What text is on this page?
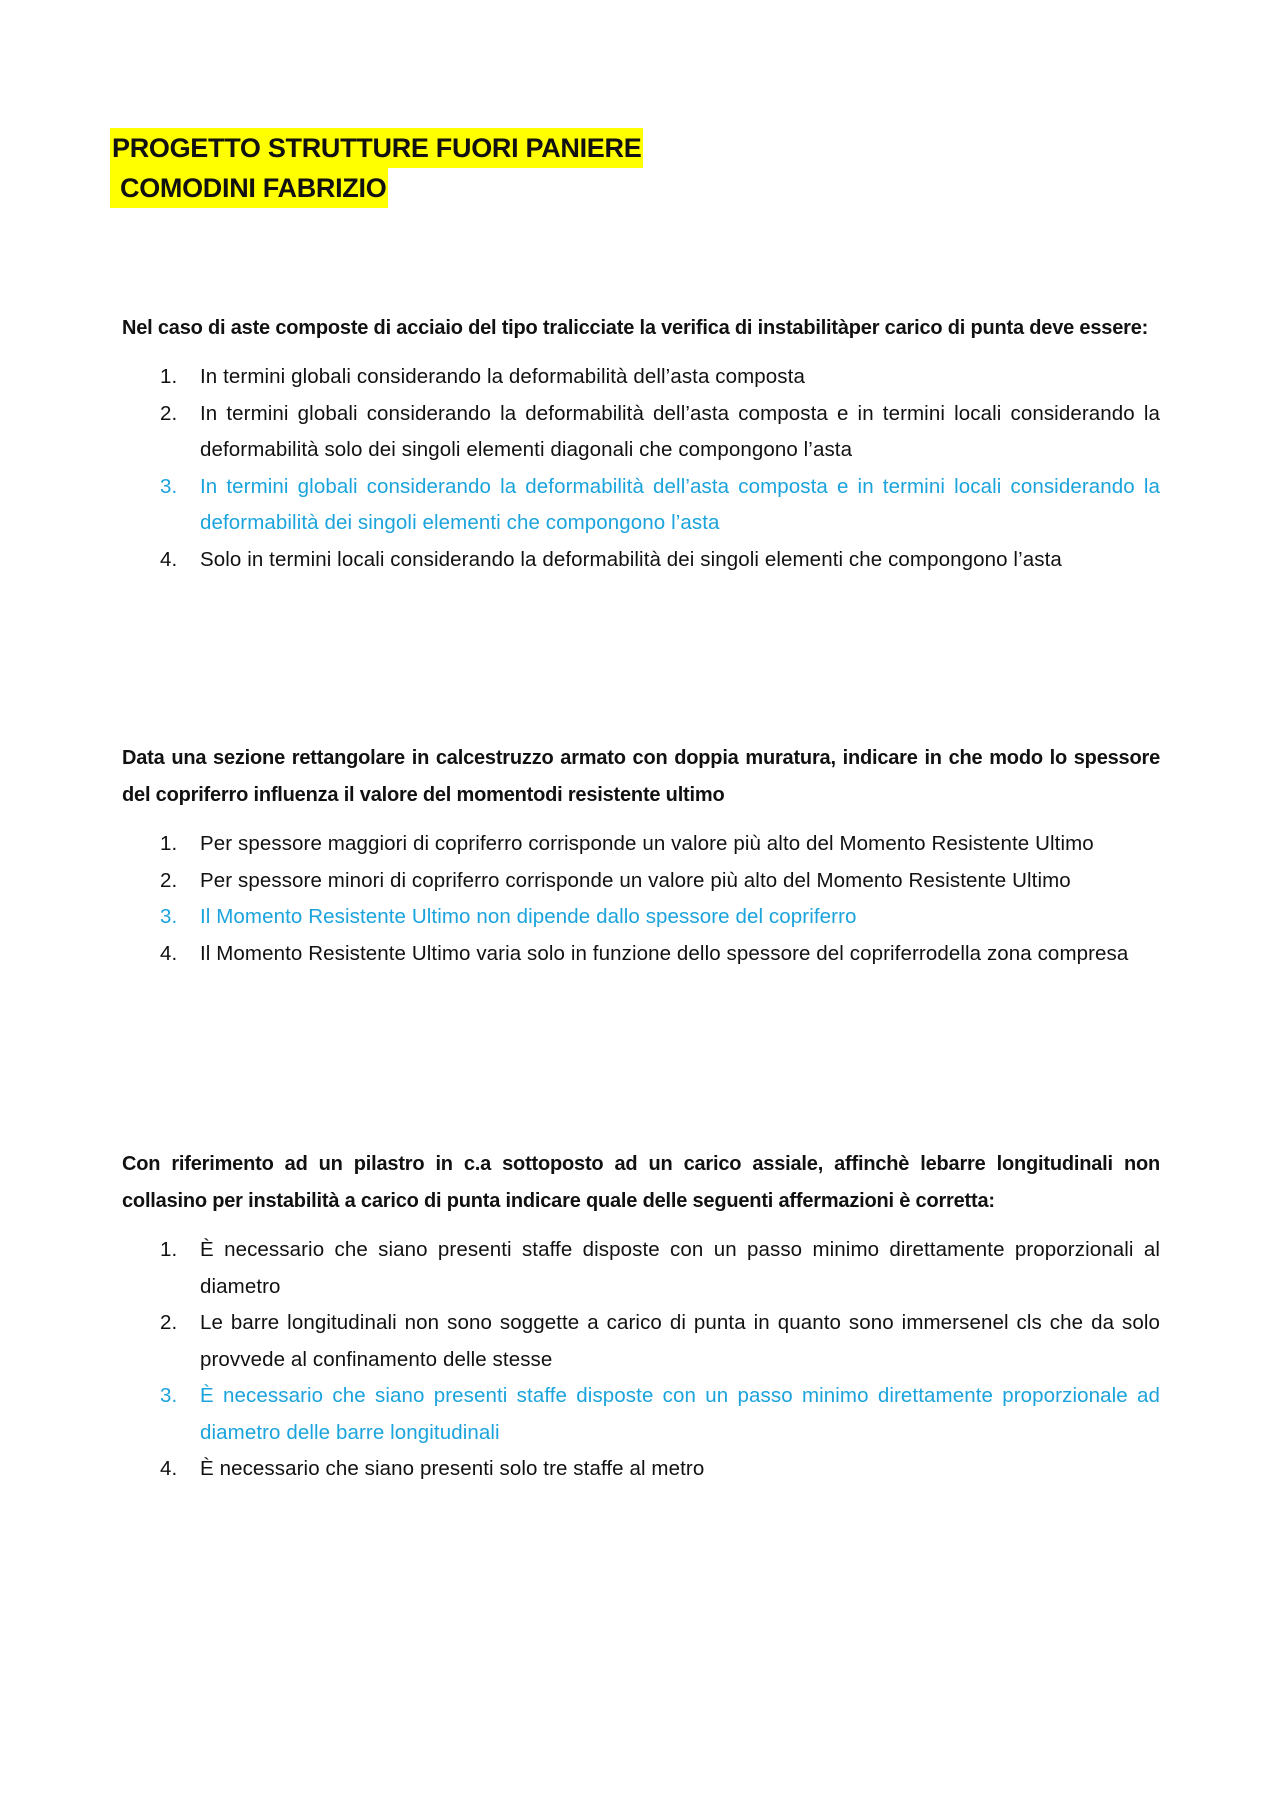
PROGETTO STRUTTURE FUORI PANIERE
COMODINI FABRIZIO

Nel caso di aste composte di acciaio del tipo tralicciate la verifica di instabilitàper carico di punta deve essere:

1. In termini globali considerando la deformabilità dell’asta composta
2. In termini globali considerando la deformabilità dell’asta composta e in termini locali considerando la deformabilità solo dei singoli elementi diagonali che compongono l’asta
3. In termini globali considerando la deformabilità dell’asta composta e in termini locali considerando la deformabilità dei singoli elementi che compongono l’asta
4. Solo in termini locali considerando la deformabilità dei singoli elementi che compongono l’asta

Data una sezione rettangolare in calcestruzzo armato con doppia muratura, indicare in che modo lo spessore del copriferro influenza il valore del momentodi resistente ultimo

1. Per spessore maggiori di copriferro corrisponde un valore più alto del Momento Resistente Ultimo
2. Per spessore minori di copriferro corrisponde un valore più alto del Momento Resistente Ultimo
3. Il Momento Resistente Ultimo non dipende dallo spessore del copriferro
4. Il Momento Resistente Ultimo varia solo in funzione dello spessore del copriferrodella zona compresa

Con riferimento ad un pilastro in c.a sottoposto ad un carico assiale, affinchè lebarre longitudinali non collasino per instabilità a carico di punta indicare quale delle seguenti affermazioni è corretta:

1. È necessario che siano presenti staffe disposte con un passo minimo direttamente proporzionali al diametro
2. Le barre longitudinali non sono soggette a carico di punta in quanto sono immersenel cls che da solo provvede al confinamento delle stesse
3. È necessario che siano presenti staffe disposte con un passo minimo direttamente proporzionale ad diametro delle barre longitudinali
4. È necessario che siano presenti solo tre staffe al metro
